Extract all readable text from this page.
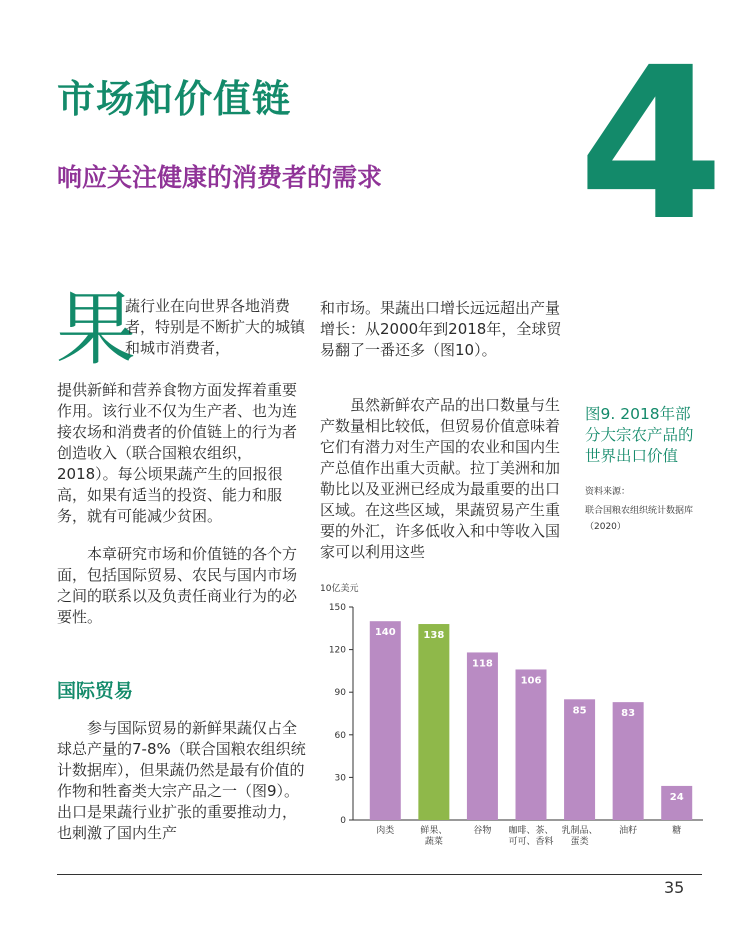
市场和价值链
响应关注健康的消费者的需求 4
果

蔬行业在向世界各地消费者，特别是不断扩大的城镇和城市消费者，

提供新鲜和营养食物方面发挥着重要作用。该行业不仅为生产者、也为连接农场和消费者的价值链上的行为者创造收入（联合国粮农组织，2018）。每公顷果蔬产生的回报很高，如果有适当的投资、能力和服务，就有可能减少贫困。

本章研究市场和价值链的各个方面，包括国际贸易、农民与国内市场之间的联系以及负责任商业行为的必要性。

国际贸易

参与国际贸易的新鲜果蔬仅占全球总产量的7-8%（联合国粮农组织统计数据库），但果蔬仍然是最有价值的作物和牲畜类大宗产品之一（图9）。出口是果蔬行业扩张的重要推动力，也刺激了国内生产

和市场。果蔬出口增长远远超出产量增长：从2000年到2018年，全球贸易翻了一番还多（图10）。

虽然新鲜农产品的出口数量与生产数量相比较低，但贸易价值意味着它们有潜力对生产国的农业和国内生产总值作出重大贡献。拉丁美洲和加勒比以及亚洲已经成为最重要的出口区域。在这些区域，果蔬贸易产生重要的外汇，许多低收入和中等收入国家可以利用这些

图9. 2018年部分大宗农产品的世界出口价值
资料来源：
联合国粮农组织统计数据库（2020）
10亿美元
0
30
60
90
120
150
140	138
118
106
85	83
24
肉类	鲜果、
蔬菜
谷物 咖啡、茶、
可可、香料
乳制品、
蛋类
油籽	糖
35
